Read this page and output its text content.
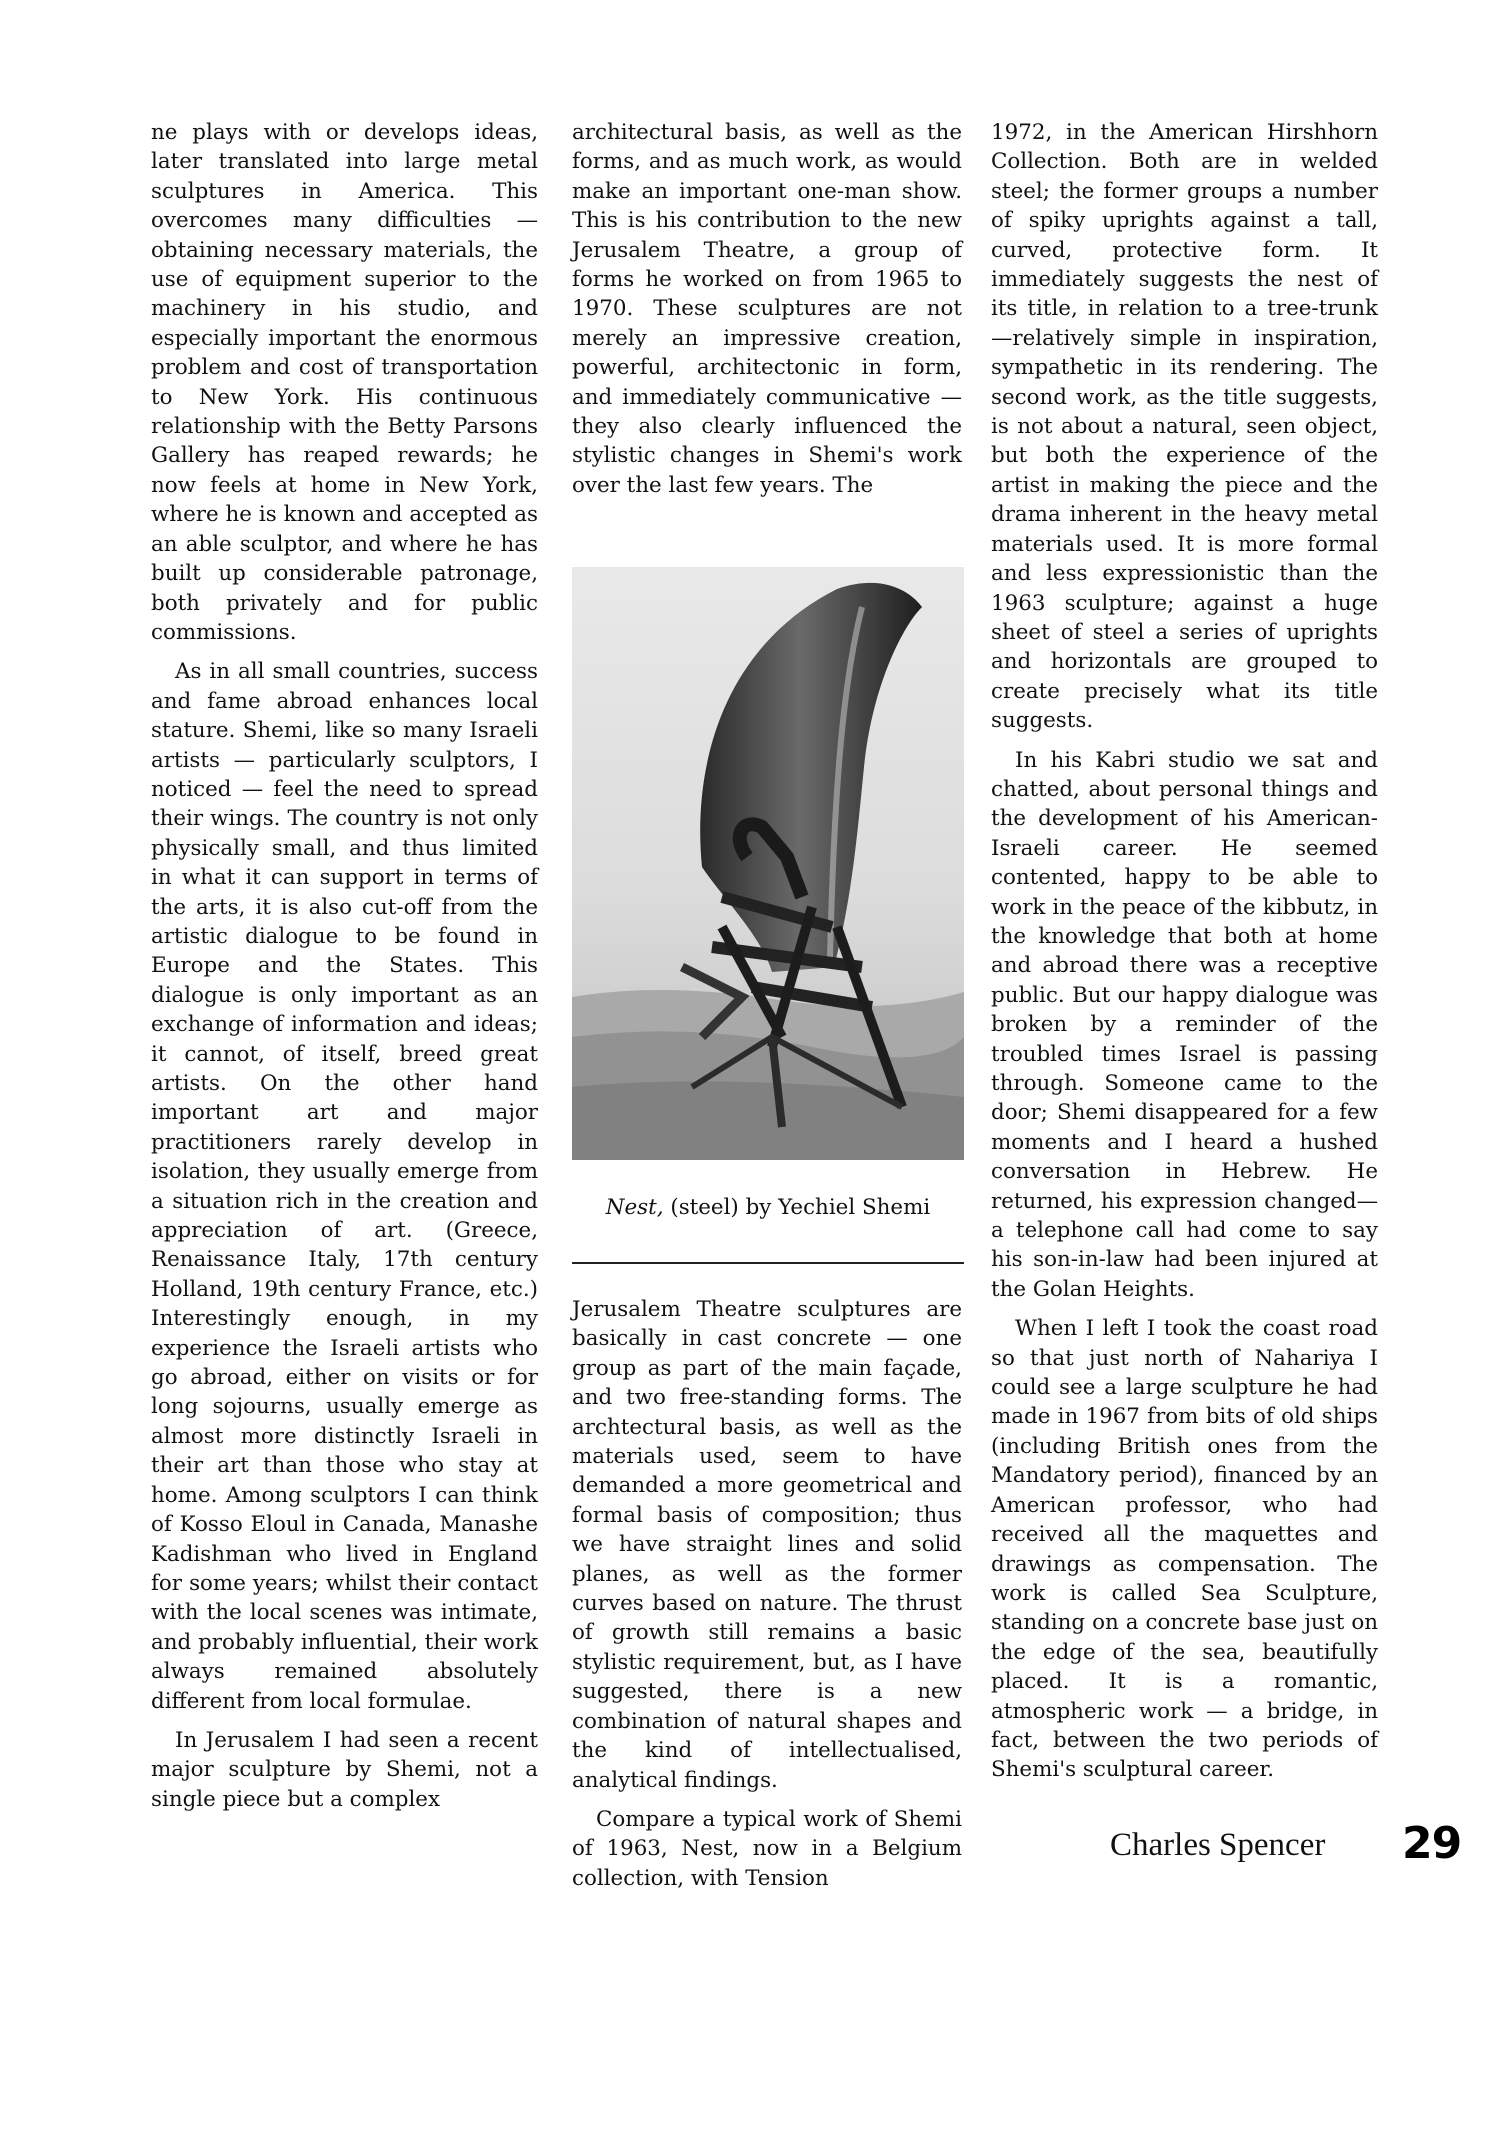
ne plays with or develops ideas, later translated into large metal sculptures in America. This overcomes many difficulties — obtaining necessary materials, the use of equipment superior to the machinery in his studio, and especially important the enormous problem and cost of transportation to New York. His continuous relationship with the Betty Parsons Gallery has reaped rewards; he now feels at home in New York, where he is known and accepted as an able sculptor, and where he has built up considerable patronage, both privately and for public commissions.

As in all small countries, success and fame abroad enhances local stature. Shemi, like so many Israeli artists — particularly sculptors, I noticed — feel the need to spread their wings. The country is not only physically small, and thus limited in what it can support in terms of the arts, it is also cut-off from the artistic dialogue to be found in Europe and the States. This dialogue is only important as an exchange of information and ideas; it cannot, of itself, breed great artists. On the other hand important art and major practitioners rarely develop in isolation, they usually emerge from a situation rich in the creation and appreciation of art. (Greece, Renaissance Italy, 17th century Holland, 19th century France, etc.) Interestingly enough, in my experience the Israeli artists who go abroad, either on visits or for long sojourns, usually emerge as almost more distinctly Israeli in their art than those who stay at home. Among sculptors I can think of Kosso Eloul in Canada, Manashe Kadishman who lived in England for some years; whilst their contact with the local scenes was intimate, and probably influential, their work always remained absolutely different from local formulae.

In Jerusalem I had seen a recent major sculpture by Shemi, not a single piece but a complex

architectural basis, as well as the forms, and as much work, as would make an important one-man show. This is his contribution to the new Jerusalem Theatre, a group of forms he worked on from 1965 to 1970. These sculptures are not merely an impressive creation, powerful, architectonic in form, and immediately communicative — they also clearly influenced the stylistic changes in Shemi's work over the last few years. The

Nest, (steel) by Yechiel Shemi

Jerusalem Theatre sculptures are basically in cast concrete — one group as part of the main façade, and two free-standing forms. The archtectural basis, as well as the materials used, seem to have demanded a more geometrical and formal basis of composition; thus we have straight lines and solid planes, as well as the former curves based on nature. The thrust of growth still remains a basic stylistic requirement, but, as I have suggested, there is a new combination of natural shapes and the kind of intellectualised, analytical findings.

Compare a typical work of Shemi of 1963, Nest, now in a Belgium collection, with Tension

1972, in the American Hirshhorn Collection. Both are in welded steel; the former groups a number of spiky uprights against a tall, curved, protective form. It immediately suggests the nest of its title, in relation to a tree-trunk —relatively simple in inspiration, sympathetic in its rendering. The second work, as the title suggests, is not about a natural, seen object, but both the experience of the artist in making the piece and the drama inherent in the heavy metal materials used. It is more formal and less expressionistic than the 1963 sculpture; against a huge sheet of steel a series of uprights and horizontals are grouped to create precisely what its title suggests.

In his Kabri studio we sat and chatted, about personal things and the development of his American-Israeli career. He seemed contented, happy to be able to work in the peace of the kibbutz, in the knowledge that both at home and abroad there was a receptive public. But our happy dialogue was broken by a reminder of the troubled times Israel is passing through. Someone came to the door; Shemi disappeared for a few moments and I heard a hushed conversation in Hebrew. He returned, his expression changed—a telephone call had come to say his son-in-law had been injured at the Golan Heights.

When I left I took the coast road so that just north of Nahariya I could see a large sculpture he had made in 1967 from bits of old ships (including British ones from the Mandatory period), financed by an American professor, who had received all the maquettes and drawings as compensation. The work is called Sea Sculpture, standing on a concrete base just on the edge of the sea, beautifully placed. It is a romantic, atmospheric work — a bridge, in fact, between the two periods of Shemi's sculptural career.

29
Charles Spencer
